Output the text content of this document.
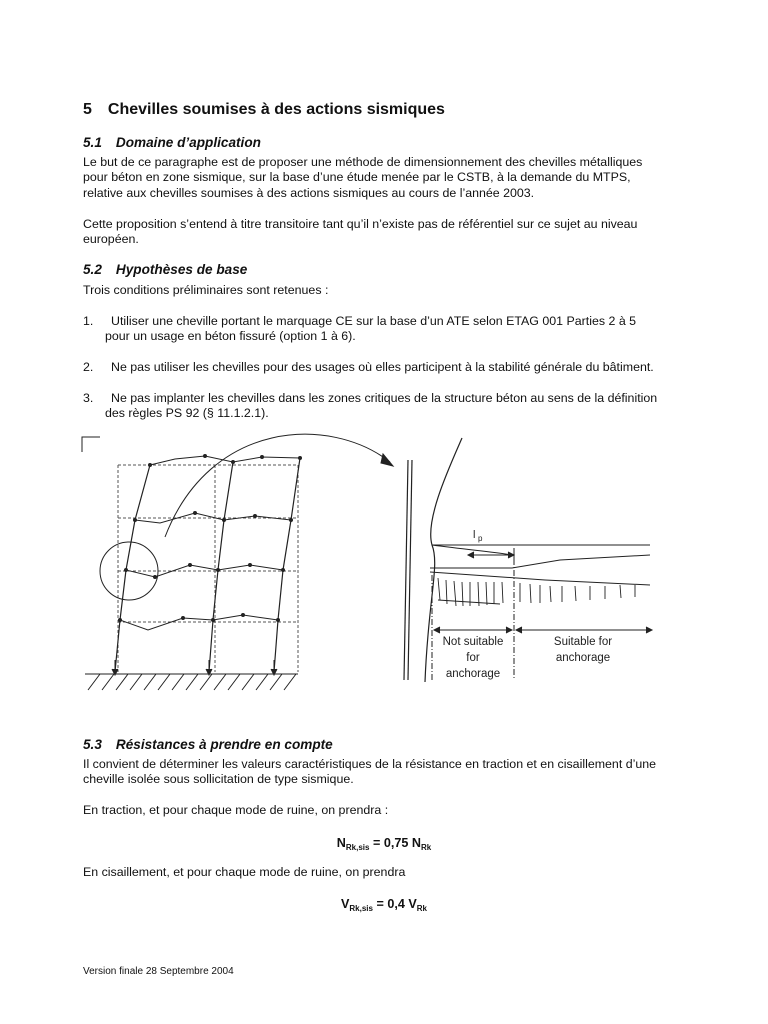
5 Chevilles soumises à des actions sismiques
5.1 Domaine d’application

Le but de ce paragraphe est de proposer une méthode de dimensionnement des chevilles métalliques

pour béton en zone sismique, sur la base d’une étude menée par le CSTB, à la demande du MTPS,

relative aux chevilles soumises à des actions sismiques au cours de l’année 2003.

Cette proposition s’entend à titre transitoire tant qu’il n’existe pas de référentiel sur ce sujet au niveau

européen.

5.2 Hypothèses de base

Trois conditions préliminaires sont retenues :

1. Utiliser une cheville portant le marquage CE sur la base d’un ATE selon ETAG 001 Parties 2 à 5

pour un usage en béton fissuré (option 1 à 6).

2. Ne pas utiliser les chevilles pour des usages où elles participent à la stabilité générale du bâtiment.

3. Ne pas implanter les chevilles dans les zones critiques de la structure béton au sens de la définition

des règles PS 92 (§ 11.1.2.1).

l p
Not suitable
for
anchorage
Suitable for
anchorage
5.3 Résistances à prendre en compte

Il convient de déterminer les valeurs caractéristiques de la résistance en traction et en cisaillement d’une

cheville isolée sous sollicitation de type sismique.

En traction, et pour chaque mode de ruine, on prendra :

$N_{Rk,sis} = 0,75$ $N_{Rk}$

En cisaillement, et pour chaque mode de ruine, on prendra

$V_{Rk,sis} = 0,4$ $V_{Rk}$
Version finale 28 Septembre 2004
